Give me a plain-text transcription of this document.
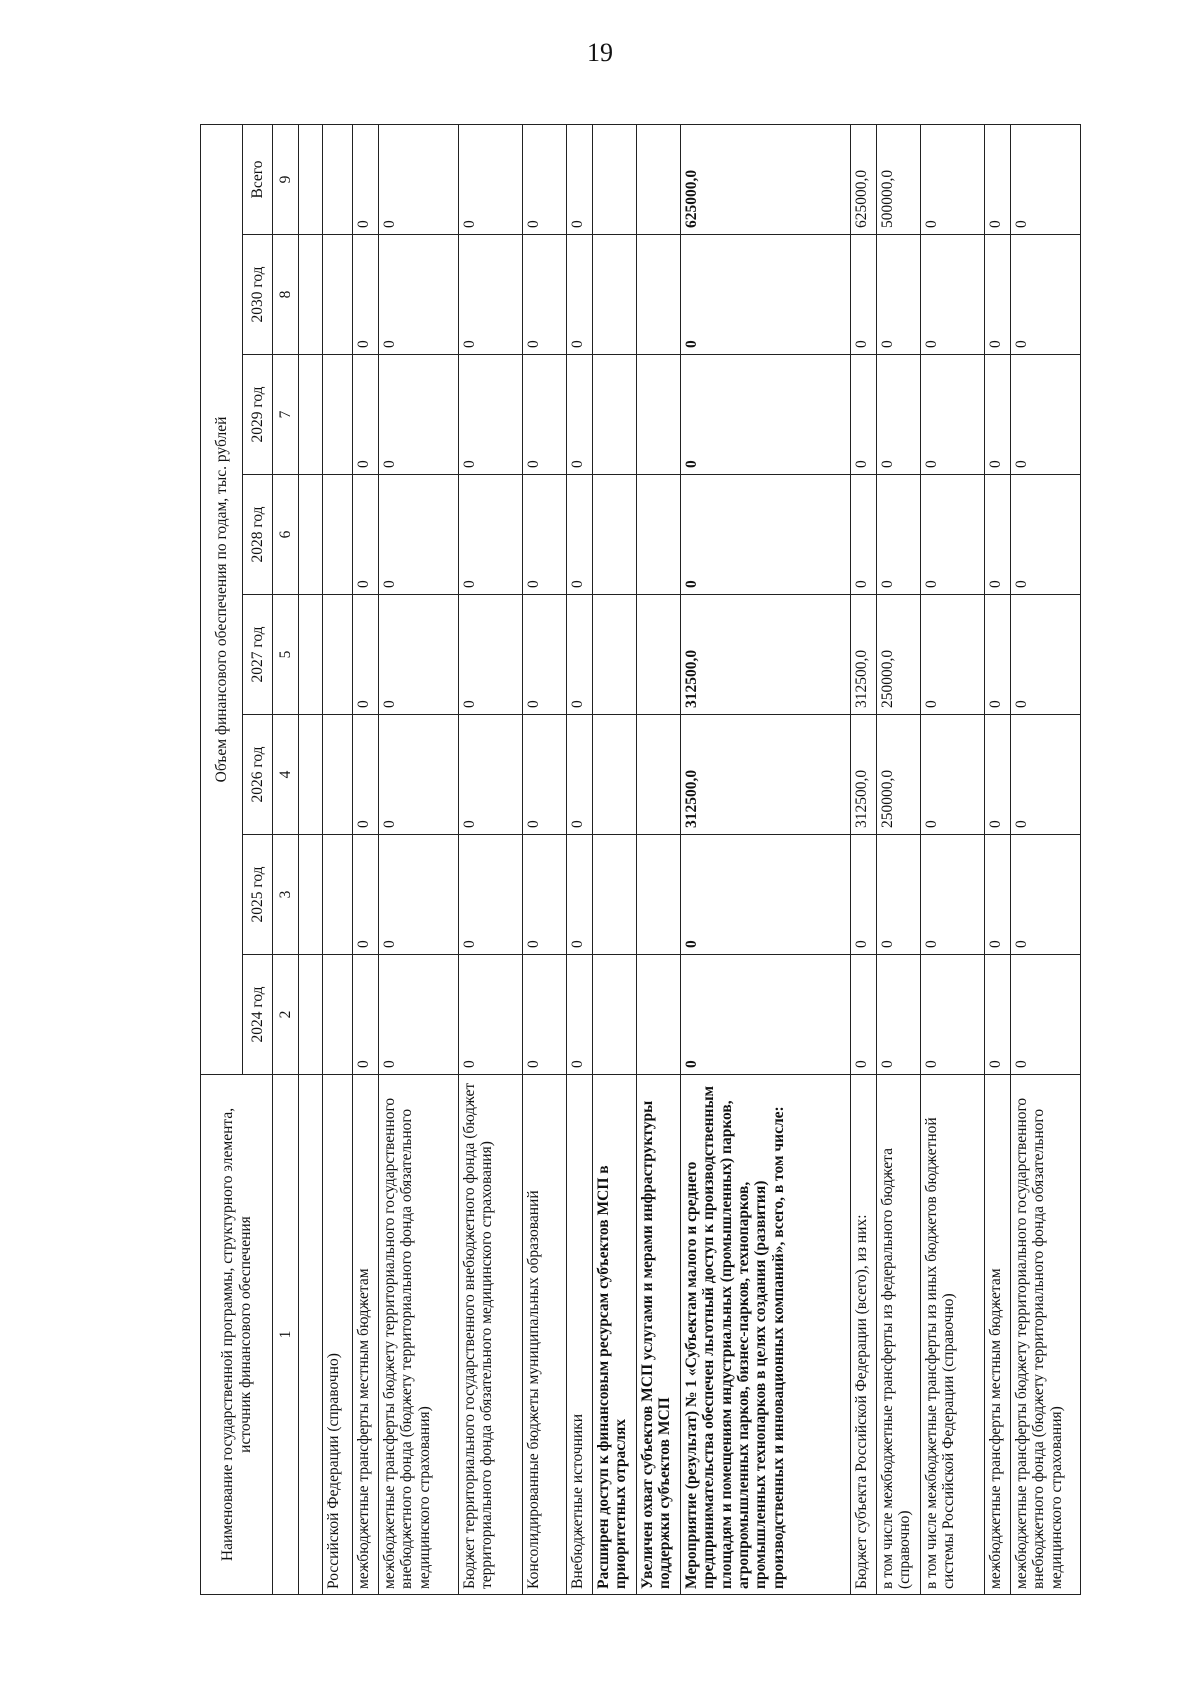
19
Наименование государственной программы, структурного элемента, источник финансового обеспечения	Объем финансового обеспечения по годам, тыс. рублей							
	2024 год	2025 год	2026 год	2027 год	2028 год	2029 год	2030 год	Всего
1	2	3	4	5	6	7	8	9

Российской Федерации (справочно)								
межбюджетные трансферты местным бюджетам	0	0	0	0	0	0	0	0
межбюджетные трансферты бюджету территориального государственного внебюджетного фонда (бюджету территориального фонда обязательного медицинского страхования)	0	0	0	0	0	0	0	0
Бюджет территориального государственного внебюджетного фонда (бюджет территориального фонда обязательного медицинского страхования)	0	0	0	0	0	0	0	0
Консолидированные бюджеты муниципальных образований	0	0	0	0	0	0	0	0
Внебюджетные источники	0	0	0	0	0	0	0	0
Расширен доступ к финансовым ресурсам субъектов МСП в приоритетных отраслях								
Увеличен охват субъектов МСП услугами и мерами инфраструктуры поддержки субъектов МСП								
Мероприятие (результат) № 1 «Субъектам малого и среднего предпринимательства обеспечен льготный доступ к производственным площадям и помещениям индустриальных (промышленных) парков, агропромышленных парков, бизнес-парков, технопарков, промышленных технопарков в целях создания (развития) производственных и инновационных компаний», всего, в том числе:	0	0	312500,0	312500,0	0	0	0	625000,0
Бюджет субъекта Российской Федерации (всего), из них:	0	0	312500,0	312500,0	0	0	0	625000,0
в том числе межбюджетные трансферты из федерального бюджета (справочно)	0	0	250000,0	250000,0	0	0	0	500000,0
в том числе межбюджетные трансферты из иных бюджетов бюджетной системы Российской Федерации (справочно)	0	0	0	0	0	0	0	0
межбюджетные трансферты местным бюджетам	0	0	0	0	0	0	0	0
межбюджетные трансферты бюджету территориального государственного внебюджетного фонда (бюджету территориального фонда обязательного медицинского страхования)	0	0	0	0	0	0	0	0
